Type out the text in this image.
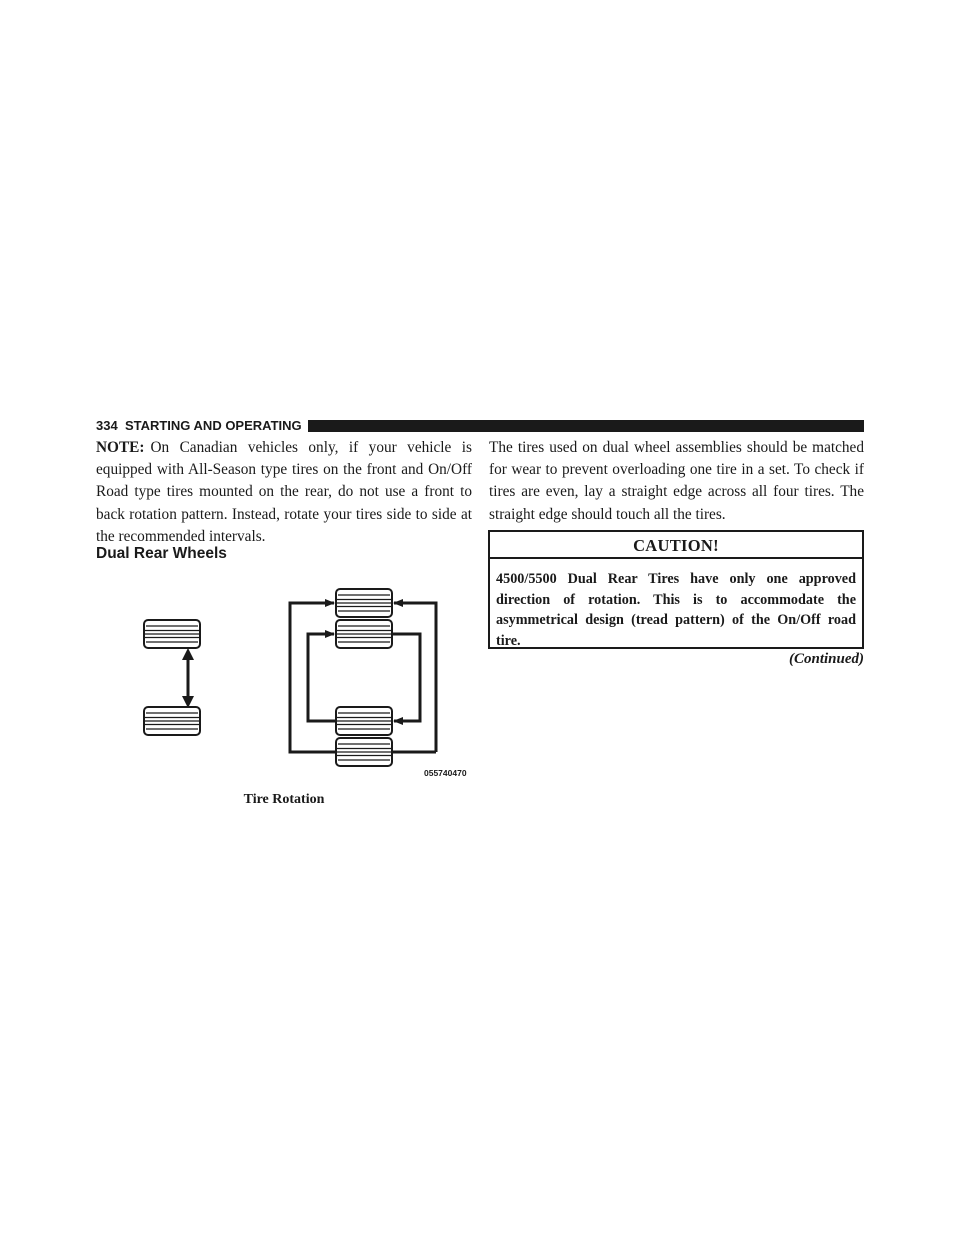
334 STARTING AND OPERATING

NOTE: On Canadian vehicles only, if your vehicle is equipped with All-Season type tires on the front and On/Off Road type tires mounted on the rear, do not use a front to back rotation pattern. Instead, rotate your tires side to side at the recommended intervals.

Dual Rear Wheels
055740470
Tire Rotation

The tires used on dual wheel assemblies should be matched for wear to prevent overloading one tire in a set. To check if tires are even, lay a straight edge across all four tires. The straight edge should touch all the tires.

CAUTION!
4500/5500 Dual Rear Tires have only one approved direction of rotation. This is to accommodate the asymmetrical design (tread pattern) of the On/Off road tire.
(Continued)
